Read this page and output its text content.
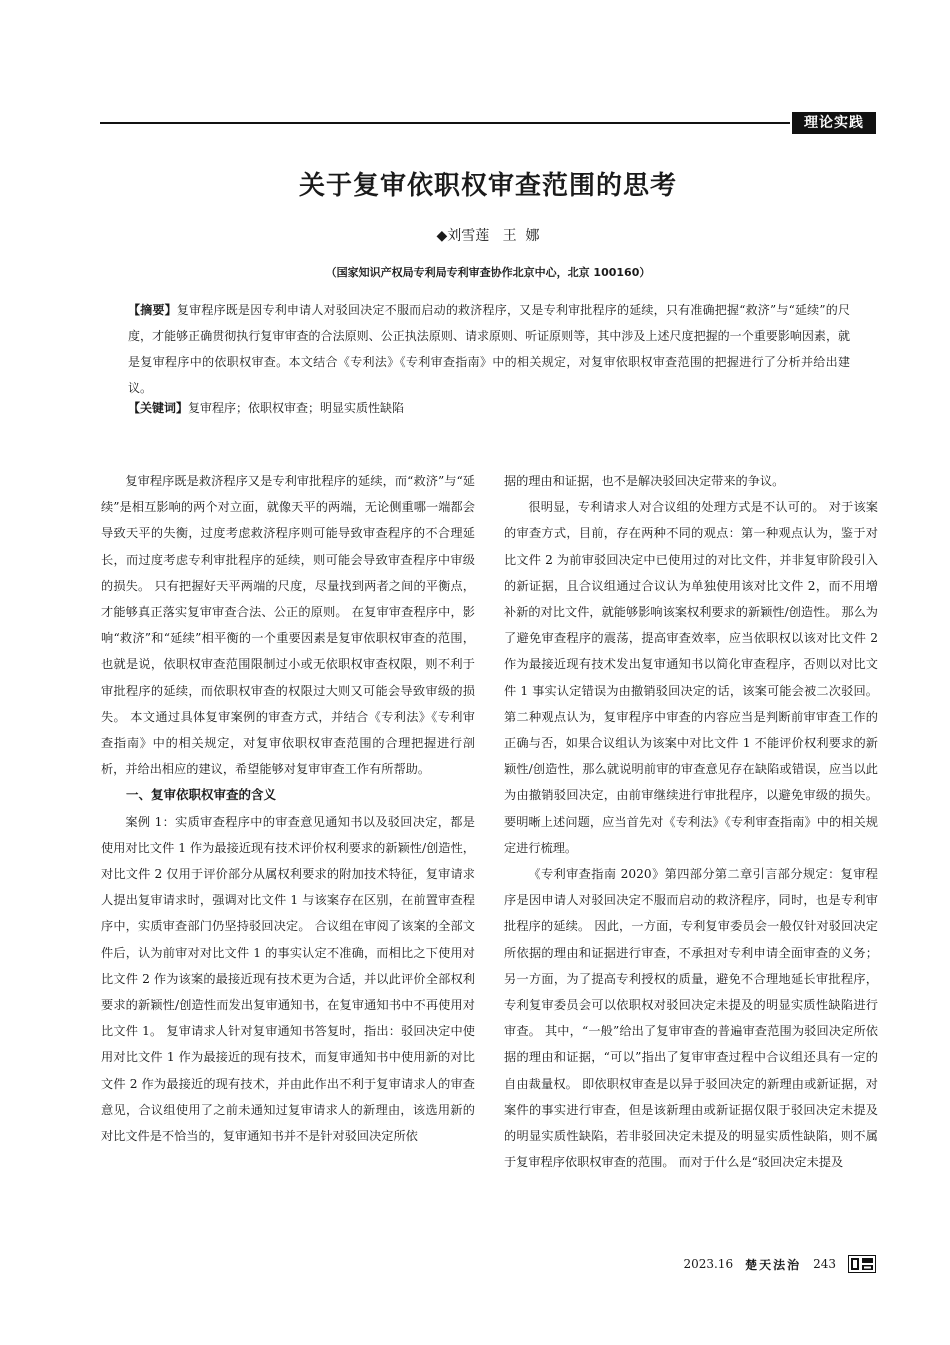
理论实践
关于复审依职权审查范围的思考
◆刘雪莲   王  娜
（国家知识产权局专利局专利审查协作北京中心，北京 100160）
【摘要】复审程序既是因专利申请人对驳回决定不服而启动的救济程序，又是专利审批程序的延续，只有准确把握“救济”与“延续”的尺度，才能够正确贯彻执行复审审查的合法原则、公正执法原则、请求原则、听证原则等，其中涉及上述尺度把握的一个重要影响因素，就是复审程序中的依职权审查。本文结合《专利法》《专利审查指南》中的相关规定，对复审依职权审查范围的把握进行了分析并给出建议。
【关键词】复审程序；依职权审查；明显实质性缺陷

复审程序既是救济程序又是专利审批程序的延续，而“救济”与“延续”是相互影响的两个对立面，就像天平的两端，无论侧重哪一端都会导致天平的失衡，过度考虑救济程序则可能导致审查程序的不合理延长，而过度考虑专利审批程序的延续，则可能会导致审查程序中审级的损失。 只有把握好天平两端的尺度，尽量找到两者之间的平衡点，才能够真正落实复审审查合法、公正的原则。 在复审审查程序中，影响“救济”和“延续”相平衡的一个重要因素是复审依职权审查的范围，也就是说，依职权审查范围限制过小或无依职权审查权限，则不利于审批程序的延续，而依职权审查的权限过大则又可能会导致审级的损失。 本文通过具体复审案例的审查方式，并结合《专利法》《专利审查指南》中的相关规定，对复审依职权审查范围的合理把握进行剖析，并给出相应的建议，希望能够对复审审查工作有所帮助。

一、复审依职权审查的含义

案例 1：实质审查程序中的审查意见通知书以及驳回决定，都是使用对比文件 1 作为最接近现有技术评价权利要求的新颖性/创造性，对比文件 2 仅用于评价部分从属权利要求的附加技术特征，复审请求人提出复审请求时，强调对比文件 1 与该案存在区别，在前置审查程序中，实质审查部门仍坚持驳回决定。 合议组在审阅了该案的全部文件后，认为前审对对比文件 1 的事实认定不准确，而相比之下使用对比文件 2 作为该案的最接近现有技术更为合适，并以此评价全部权利要求的新颖性/创造性而发出复审通知书，在复审通知书中不再使用对比文件 1。 复审请求人针对复审通知书答复时，指出：驳回决定中使用对比文件 1 作为最接近的现有技术，而复审通知书中使用新的对比文件 2 作为最接近的现有技术，并由此作出不利于复审请求人的审查意见，合议组使用了之前未通知过复审请求人的新理由，该选用新的对比文件是不恰当的，复审通知书并不是针对驳回决定所依

据的理由和证据，也不是解决驳回决定带来的争议。

很明显，专利请求人对合议组的处理方式是不认可的。 对于该案的审查方式，目前，存在两种不同的观点：第一种观点认为，鉴于对比文件 2 为前审驳回决定中已使用过的对比文件，并非复审阶段引入的新证据，且合议组通过合议认为单独使用该对比文件 2，而不用增补新的对比文件，就能够影响该案权利要求的新颖性/创造性。 那么为了避免审查程序的震荡，提高审查效率，应当依职权以该对比文件 2 作为最接近现有技术发出复审通知书以简化审查程序，否则以对比文件 1 事实认定错误为由撤销驳回决定的话，该案可能会被二次驳回。 第二种观点认为，复审程序中审查的内容应当是判断前审审查工作的正确与否，如果合议组认为该案中对比文件 1 不能评价权利要求的新颖性/创造性，那么就说明前审的审查意见存在缺陷或错误，应当以此为由撤销驳回决定，由前审继续进行审批程序，以避免审级的损失。 要明晰上述问题，应当首先对《专利法》《专利审查指南》中的相关规定进行梳理。

《专利审查指南 2020》第四部分第二章引言部分规定：复审程序是因申请人对驳回决定不服而启动的救济程序，同时，也是专利审批程序的延续。 因此，一方面，专利复审委员会一般仅针对驳回决定所依据的理由和证据进行审查，不承担对专利申请全面审查的义务；另一方面，为了提高专利授权的质量，避免不合理地延长审批程序，专利复审委员会可以依职权对驳回决定未提及的明显实质性缺陷进行审查。 其中，“一般”给出了复审审查的普遍审查范围为驳回决定所依据的理由和证据，“可以”指出了复审审查过程中合议组还具有一定的自由裁量权。 即依职权审查是以异于驳回决定的新理由或新证据，对案件的事实进行审查，但是该新理由或新证据仅限于驳回决定未提及的明显实质性缺陷，若非驳回决定未提及的明显实质性缺陷，则不属于复审程序依职权审查的范围。 而对于什么是“驳回决定未提及

2023.16 楚天法治 243
